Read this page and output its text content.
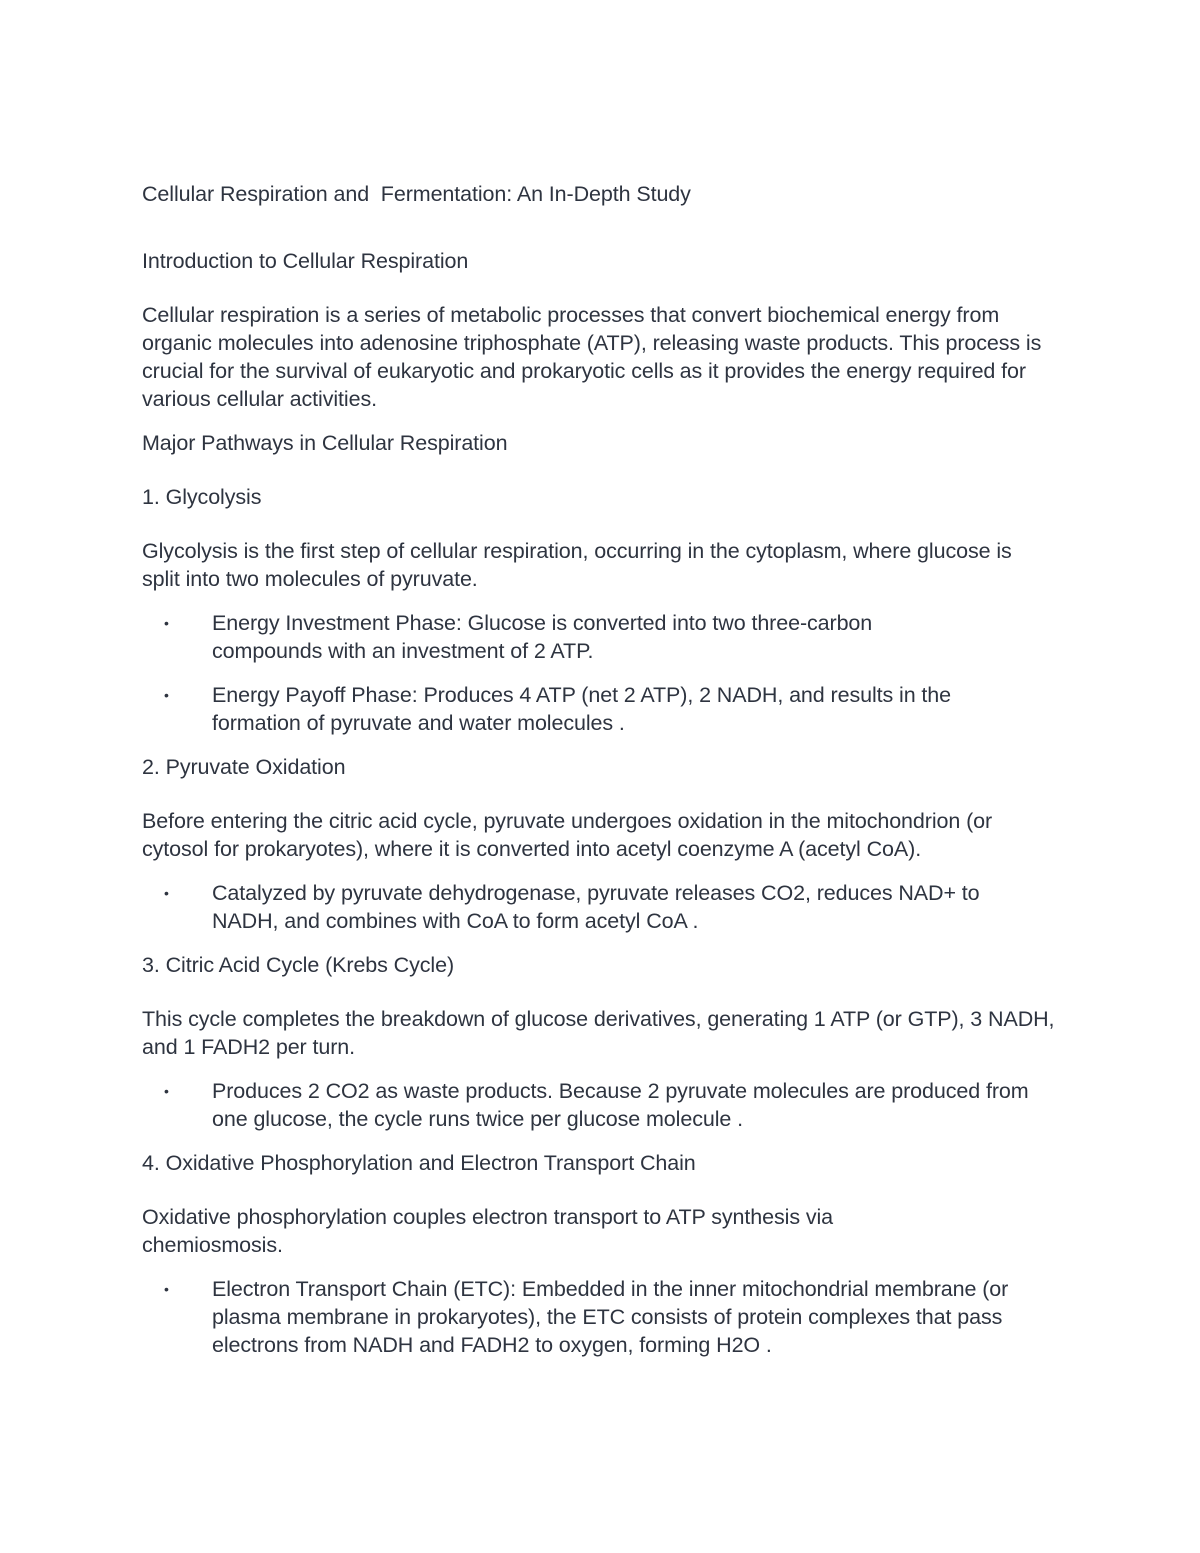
Cellular Respiration and  Fermentation: An In-Depth Study

Introduction to Cellular Respiration

Cellular respiration is a series of metabolic processes that convert biochemical energy from organic molecules into adenosine triphosphate (ATP), releasing waste products. This process is crucial for the survival of eukaryotic and prokaryotic cells as it provides the energy required for various cellular activities.

Major Pathways in Cellular Respiration

1. Glycolysis

Glycolysis is the first step of cellular respiration, occurring in the cytoplasm, where glucose is split into two molecules of pyruvate.

• Energy Investment Phase: Glucose is converted into two three-carbon compounds with an investment of 2 ATP.
• Energy Payoff Phase: Produces 4 ATP (net 2 ATP), 2 NADH, and results in the formation of pyruvate and water molecules .

2. Pyruvate Oxidation

Before entering the citric acid cycle, pyruvate undergoes oxidation in the mitochondrion (or cytosol for prokaryotes), where it is converted into acetyl coenzyme A (acetyl CoA).

• Catalyzed by pyruvate dehydrogenase, pyruvate releases CO2, reduces NAD+ to NADH, and combines with CoA to form acetyl CoA .

3. Citric Acid Cycle (Krebs Cycle)

This cycle completes the breakdown of glucose derivatives, generating 1 ATP (or GTP), 3 NADH, and 1 FADH2 per turn.

• Produces 2 CO2 as waste products. Because 2 pyruvate molecules are produced from one glucose, the cycle runs twice per glucose molecule .

4. Oxidative Phosphorylation and Electron Transport Chain

Oxidative phosphorylation couples electron transport to ATP synthesis via chemiosmosis.

• Electron Transport Chain (ETC): Embedded in the inner mitochondrial membrane (or plasma membrane in prokaryotes), the ETC consists of protein complexes that pass electrons from NADH and FADH2 to oxygen, forming H2O .
